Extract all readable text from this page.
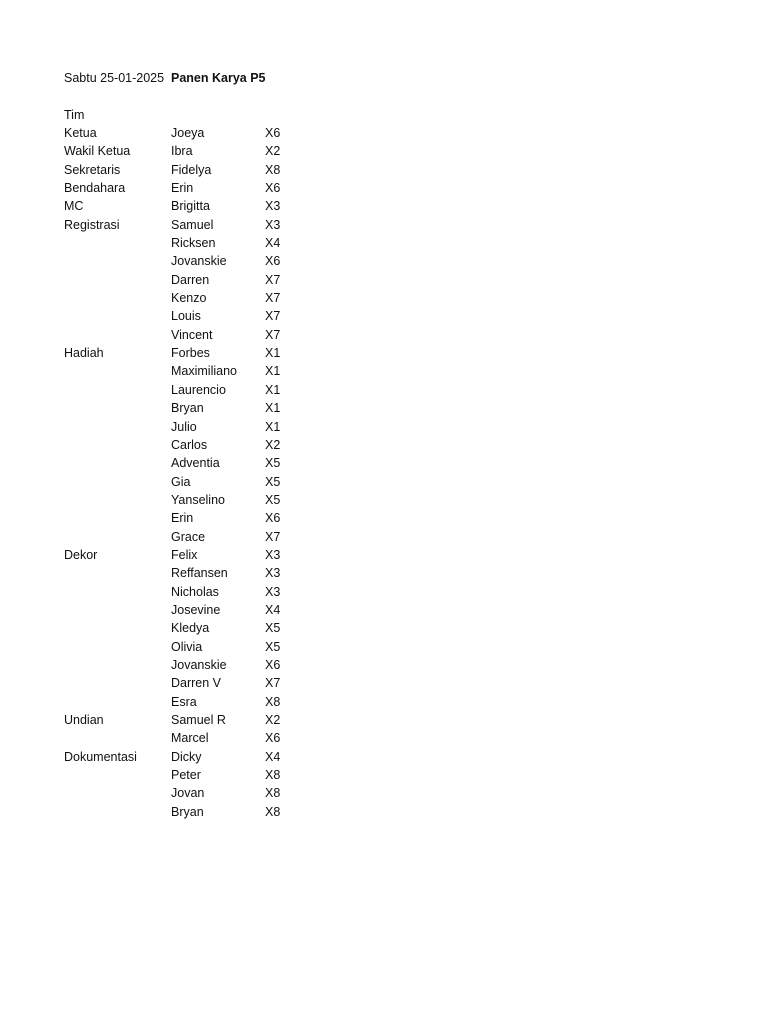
Sabtu 25-01-2025 Panen Karya P5
Tim
Ketua	Joeya	X6
Wakil Ketua	Ibra	X2
Sekretaris	Fidelya	X8
Bendahara	Erin	X6
MC	Brigitta	X3
Registrasi	Samuel	X3
Ricksen	X4
Jovanskie	X6
Darren	X7
Kenzo	X7
Louis	X7
Vincent	X7
Hadiah	Forbes	X1
Maximiliano	X1
Laurencio	X1
Bryan	X1
Julio	X1
Carlos	X2
Adventia	X5
Gia	X5
Yanselino	X5
Erin	X6
Grace	X7
Dekor	Felix	X3
Reffansen	X3
Nicholas	X3
Josevine	X4
Kledya	X5
Olivia	X5
Jovanskie	X6
Darren V	X7
Esra	X8
Undian	Samuel R	X2
Marcel	X6
Dokumentasi	Dicky	X4
Peter	X8
Jovan	X8
Bryan	X8
